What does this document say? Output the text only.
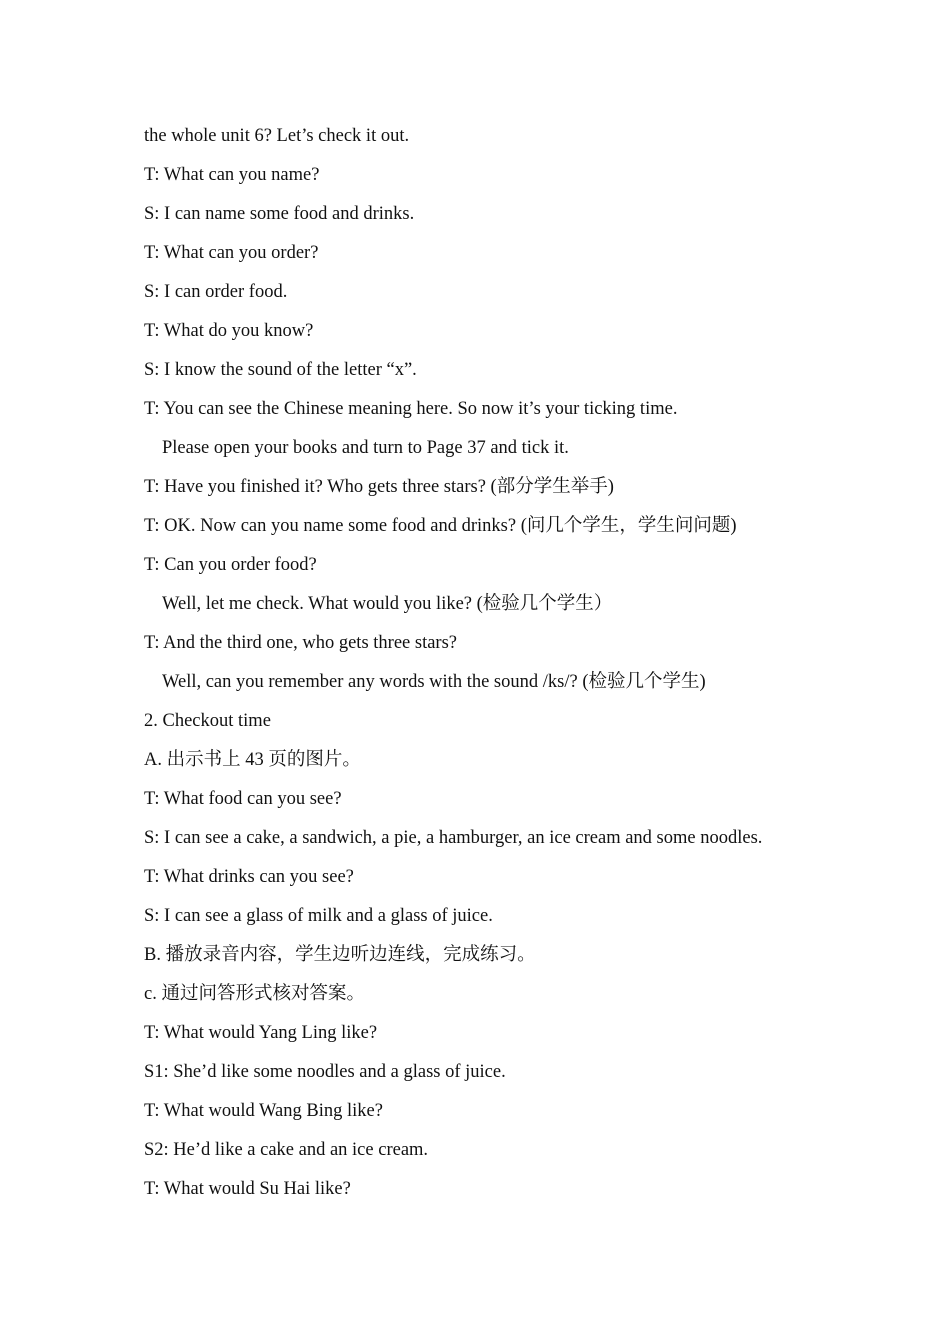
the whole unit 6? Let’s check it out.
T: What can you name?
S: I can name some food and drinks.
T: What can you order?
S: I can order food.
T: What do you know?
S: I know the sound of the letter “x”.
T: You can see the Chinese meaning here. So now it’s your ticking time.
Please open your books and turn to Page 37 and tick it.
T: Have you finished it? Who gets three stars? (部分学生举手)
T: OK. Now can you name some food and drinks? (问几个学生，学生问问题)
T: Can you order food?
Well, let me check. What would you like? (检验几个学生）
T: And the third one, who gets three stars?
Well, can you remember any words with the sound /ks/? (检验几个学生)
2. Checkout time
A. 出示书上 43 页的图片。
T: What food can you see?
S: I can see a cake, a sandwich, a pie, a hamburger, an ice cream and some noodles.
T: What drinks can you see?
S: I can see a glass of milk and a glass of juice.
B. 播放录音内容，学生边听边连线，完成练习。
c. 通过问答形式核对答案。
T: What would Yang Ling like?
S1: She’d like some noodles and a glass of juice.
T: What would Wang Bing like?
S2: He’d like a cake and an ice cream.
T: What would Su Hai like?
